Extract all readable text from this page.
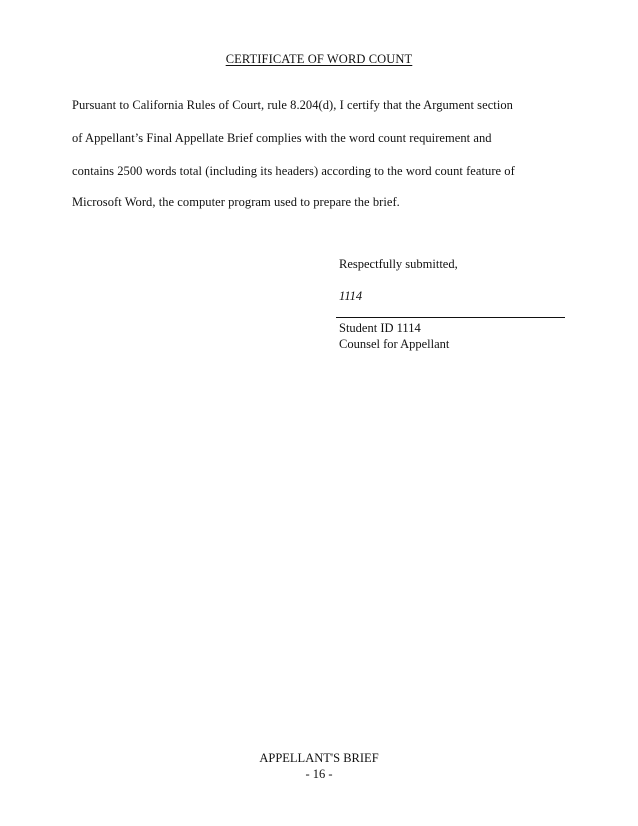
CERTIFICATE OF WORD COUNT
Pursuant to California Rules of Court, rule 8.204(d), I certify that the Argument section
of Appellant’s Final Appellate Brief complies with the word count requirement and
contains 2500 words total (including its headers) according to the word count feature of
Microsoft Word, the computer program used to prepare the brief.
Respectfully submitted,
1114
Student ID 1114
Counsel for Appellant
APPELLANT'S BRIEF
- 16 -
